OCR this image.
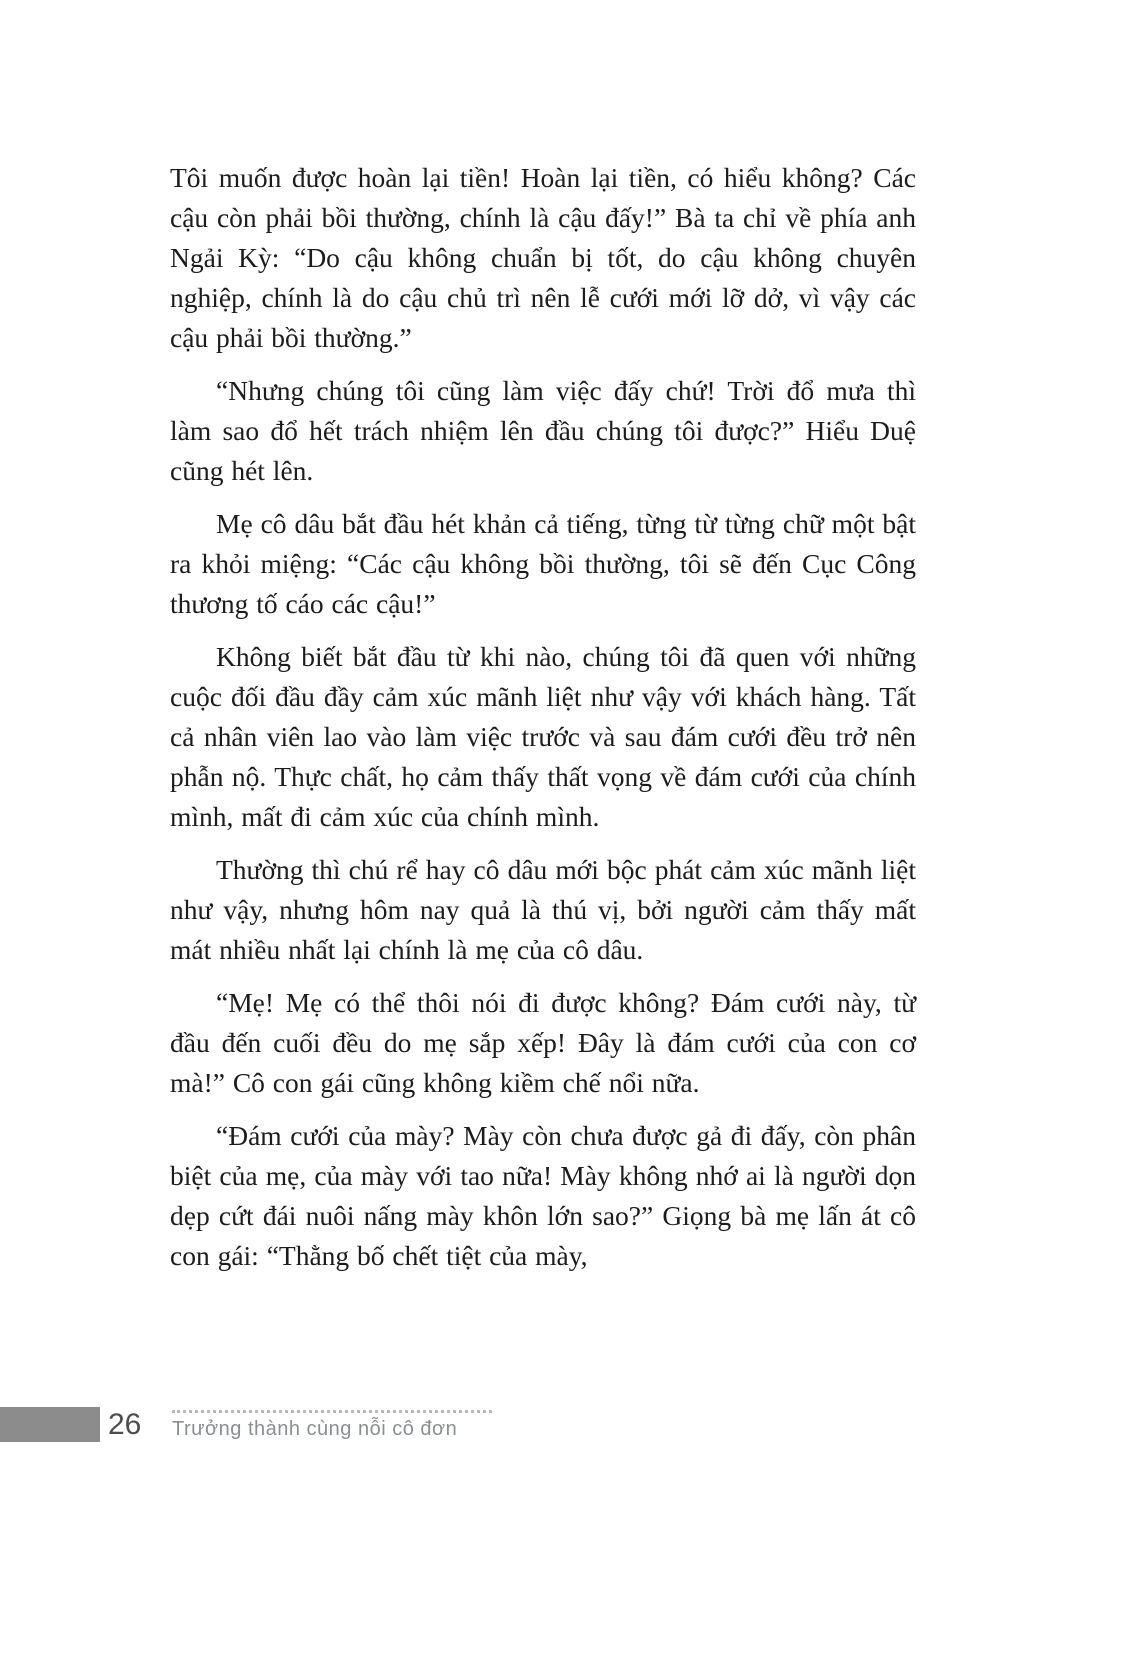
Tôi muốn được hoàn lại tiền! Hoàn lại tiền, có hiểu không? Các cậu còn phải bồi thường, chính là cậu đấy!” Bà ta chỉ về phía anh Ngải Kỳ: “Do cậu không chuẩn bị tốt, do cậu không chuyên nghiệp, chính là do cậu chủ trì nên lễ cưới mới lỡ dở, vì vậy các cậu phải bồi thường.”

“Nhưng chúng tôi cũng làm việc đấy chứ! Trời đổ mưa thì làm sao đổ hết trách nhiệm lên đầu chúng tôi được?” Hiểu Duệ cũng hét lên.

Mẹ cô dâu bắt đầu hét khản cả tiếng, từng từ từng chữ một bật ra khỏi miệng: “Các cậu không bồi thường, tôi sẽ đến Cục Công thương tố cáo các cậu!”

Không biết bắt đầu từ khi nào, chúng tôi đã quen với những cuộc đối đầu đầy cảm xúc mãnh liệt như vậy với khách hàng. Tất cả nhân viên lao vào làm việc trước và sau đám cưới đều trở nên phẫn nộ. Thực chất, họ cảm thấy thất vọng về đám cưới của chính mình, mất đi cảm xúc của chính mình.

Thường thì chú rể hay cô dâu mới bộc phát cảm xúc mãnh liệt như vậy, nhưng hôm nay quả là thú vị, bởi người cảm thấy mất mát nhiều nhất lại chính là mẹ của cô dâu.

“Mẹ! Mẹ có thể thôi nói đi được không? Đám cưới này, từ đầu đến cuối đều do mẹ sắp xếp! Đây là đám cưới của con cơ mà!” Cô con gái cũng không kiềm chế nổi nữa.

“Đám cưới của mày? Mày còn chưa được gả đi đấy, còn phân biệt của mẹ, của mày với tao nữa! Mày không nhớ ai là người dọn dẹp cứt đái nuôi nấng mày khôn lớn sao?” Giọng bà mẹ lấn át cô con gái: “Thằng bố chết tiệt của mày,

26 Trưởng thành cùng nỗi cô đơn
